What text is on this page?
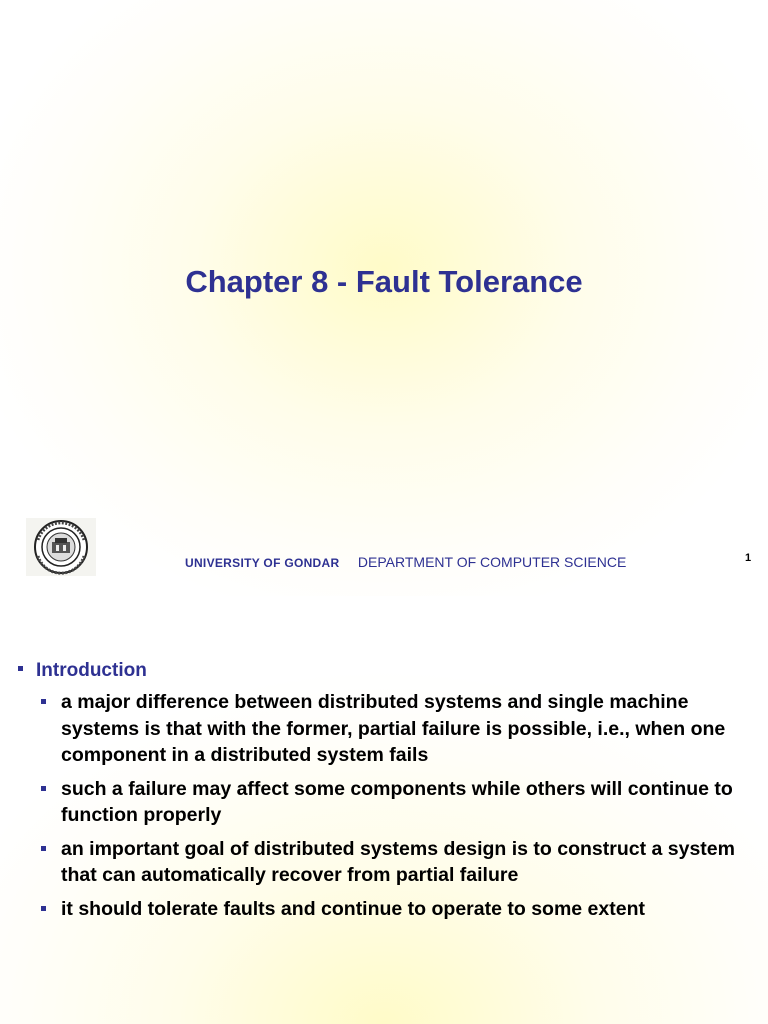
Chapter 8 - Fault Tolerance
UNIVERSITY OF GONDAR DEPARTMENT OF COMPUTER SCIENCE	1
Introduction
a major difference between distributed systems and single machine systems is that with the former, partial failure is possible, i.e., when one component in a distributed system fails
such a failure may affect some components while others will continue to function properly
an important goal of distributed systems design is to construct a system that can automatically recover from partial failure
it should tolerate faults and continue to operate to some extent
